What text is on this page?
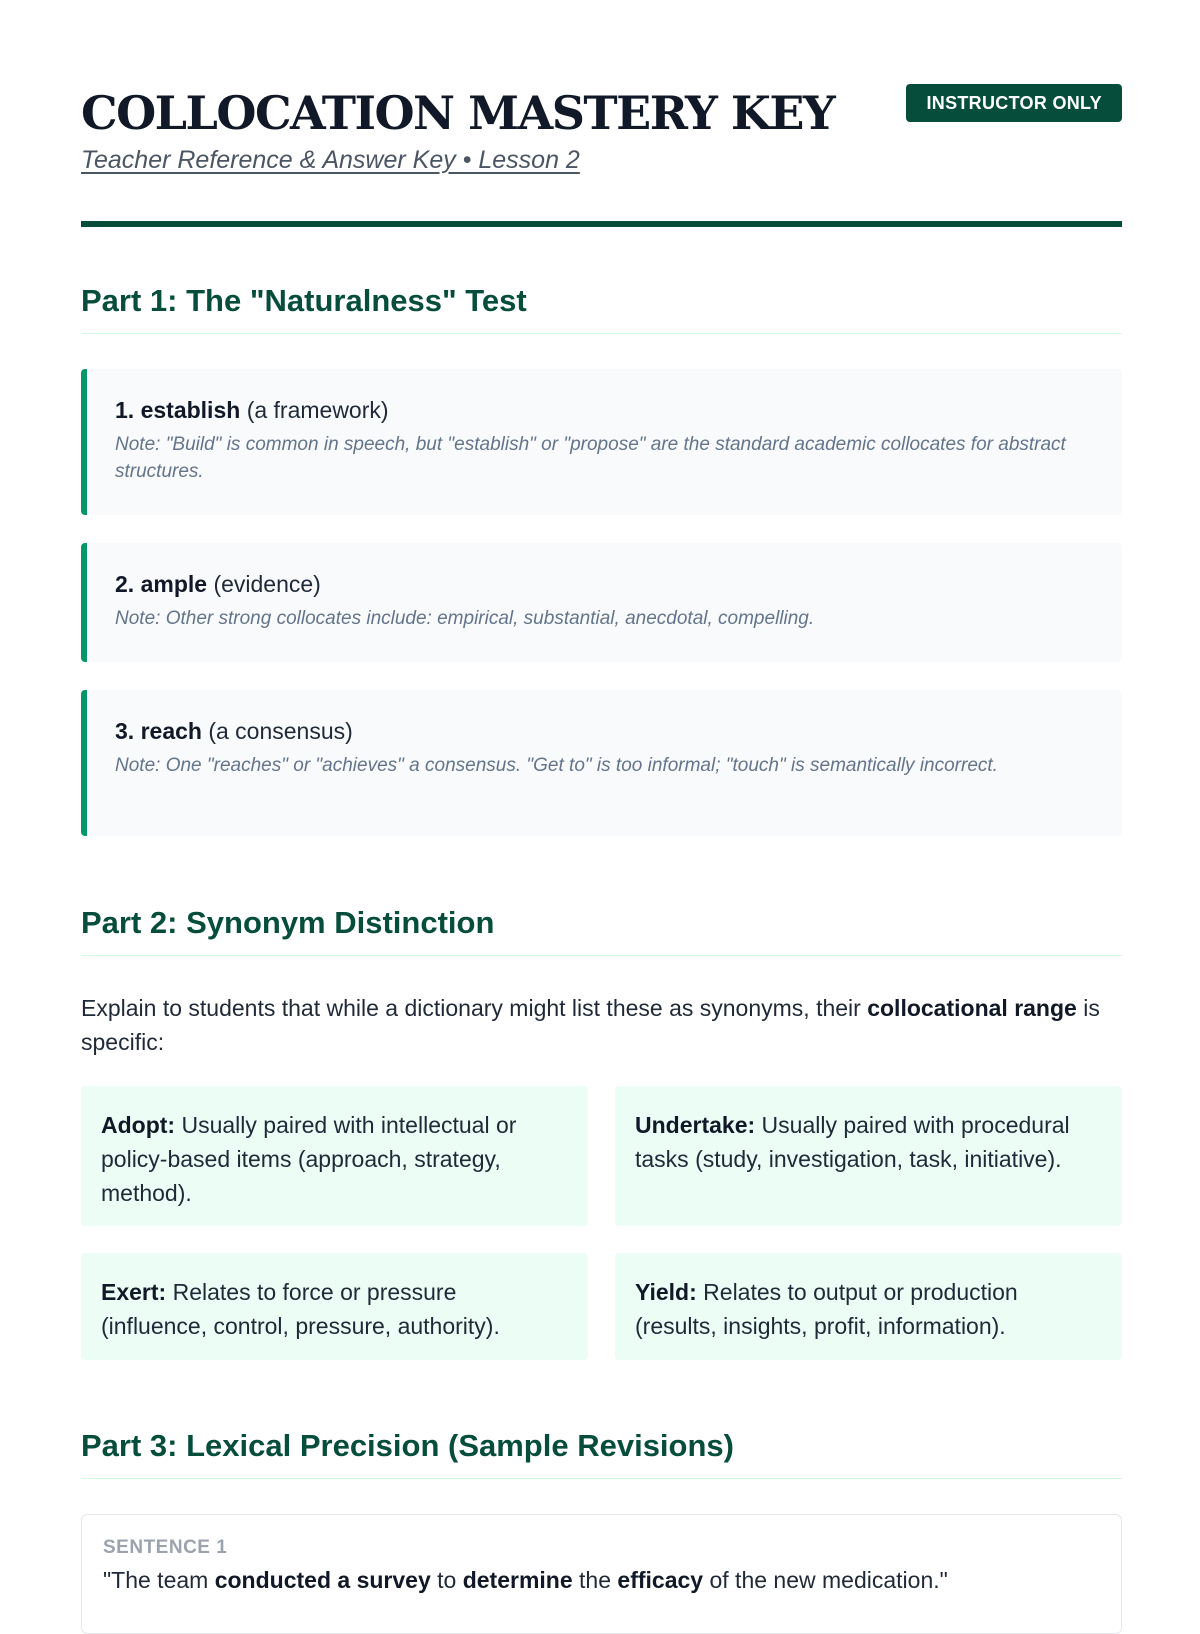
COLLOCATION MASTERY KEY
Teacher Reference & Answer Key • Lesson 2
INSTRUCTOR ONLY
Part 1: The "Naturalness" Test
1. establish (a framework)
Note: "Build" is common in speech, but "establish" or "propose" are the standard academic collocates for abstract structures.
2. ample (evidence)
Note: Other strong collocates include: empirical, substantial, anecdotal, compelling.
3. reach (a consensus)
Note: One "reaches" or "achieves" a consensus. "Get to" is too informal; "touch" is semantically incorrect.
Part 2: Synonym Distinction
Explain to students that while a dictionary might list these as synonyms, their collocational range is specific:
Adopt: Usually paired with intellectual or policy-based items (approach, strategy, method).
Undertake: Usually paired with procedural tasks (study, investigation, task, initiative).
Exert: Relates to force or pressure (influence, control, pressure, authority).
Yield: Relates to output or production (results, insights, profit, information).
Part 3: Lexical Precision (Sample Revisions)
SENTENCE 1
"The team conducted a survey to determine the efficacy of the new medication."
